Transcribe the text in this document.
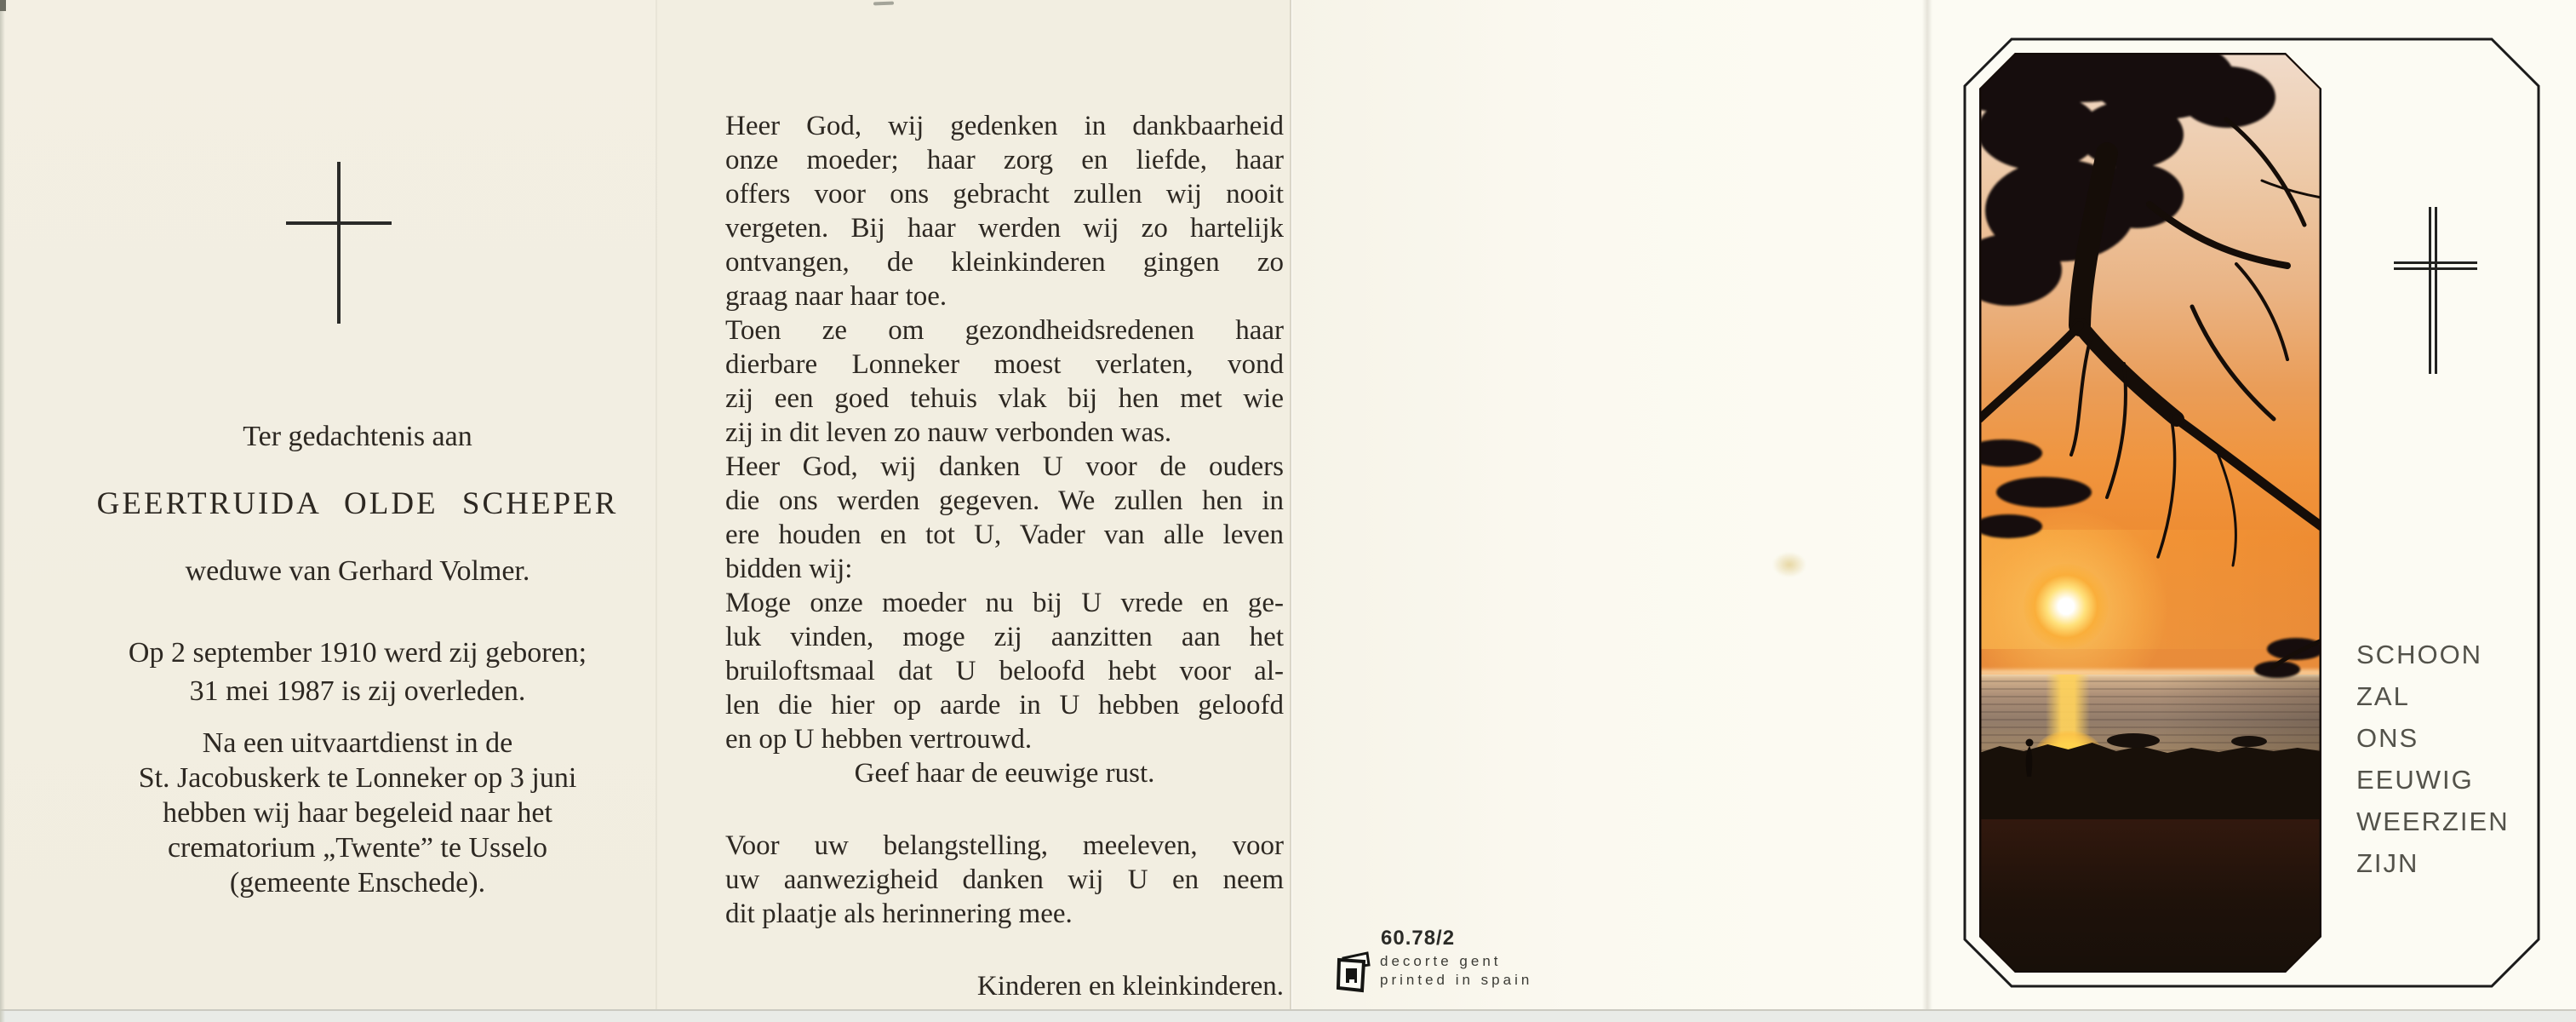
Ter gedachtenis aan
GEERTRUIDA OLDE SCHEPER
weduwe van Gerhard Volmer.
Op 2 september 1910 werd zij geboren;
31 mei 1987 is zij overleden.
Na een uitvaartdienst in de
St. Jacobuskerk te Lonneker op 3 juni
hebben wij haar begeleid naar het
crematorium „Twente” te Usselo
(gemeente Enschede).
Heer God, wij gedenken in dankbaarheid
onze moeder; haar zorg en liefde, haar
offers voor ons gebracht zullen wij nooit
vergeten. Bij haar werden wij zo hartelijk
ontvangen, de kleinkinderen gingen zo
graag naar haar toe.
Toen ze om gezondheidsredenen haar
dierbare Lonneker moest verlaten, vond
zij een goed tehuis vlak bij hen met wie
zij in dit leven zo nauw verbonden was.
Heer God, wij danken U voor de ouders
die ons werden gegeven. We zullen hen in
ere houden en tot U, Vader van alle leven
bidden wij:
Moge onze moeder nu bij U vrede en ge-
luk vinden, moge zij aanzitten aan het
bruiloftsmaal dat U beloofd hebt voor al-
len die hier op aarde in U hebben geloofd
en op U hebben vertrouwd.
Geef haar de eeuwige rust.
Voor uw belangstelling, meeleven, voor
uw aanwezigheid danken wij U en neem
dit plaatje als herinnering mee.
Kinderen en kleinkinderen.
60.78/2
decorte gent
printed in spain
SCHOON
ZAL
ONS
EEUWIG
WEERZIEN
ZIJN
